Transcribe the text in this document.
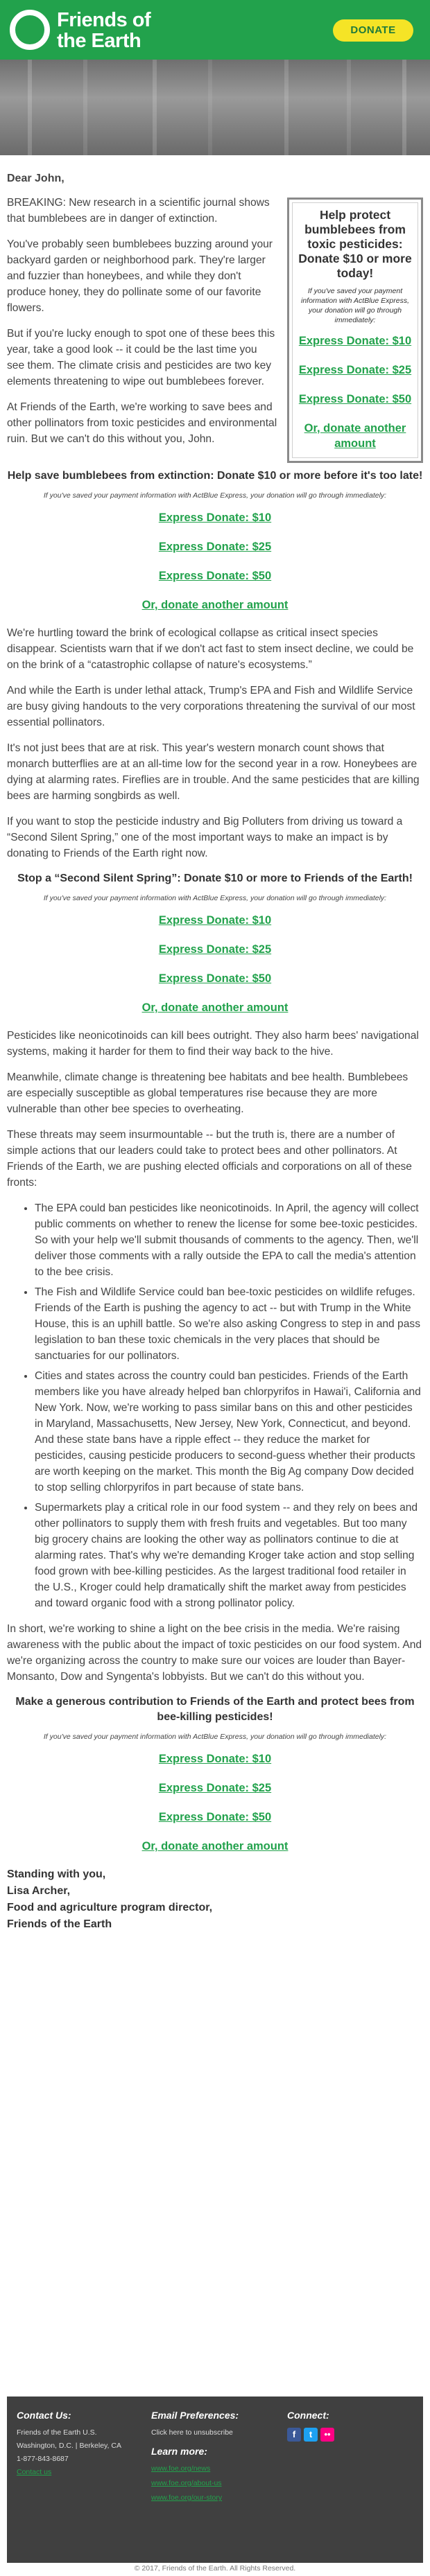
Friends of
the Earth	DONATE

Dear John,

Help protect bumblebees from toxic pesticides: Donate $10 or more today!

If you've saved your payment information with ActBlue Express, your donation will go through immediately:

Express Donate: $10
Express Donate: $25
Express Donate: $50
Or, donate another amount

BREAKING: New research in a scientific journal shows that bumblebees are in danger of extinction.

You've probably seen bumblebees buzzing around your backyard garden or neighborhood park. They're larger and fuzzier than honeybees, and while they don't produce honey, they do pollinate some of our favorite flowers.

But if you're lucky enough to spot one of these bees this year, take a good look -- it could be the last time you see them. The climate crisis and pesticides are two key elements threatening to wipe out bumblebees forever.

At Friends of the Earth, we're working to save bees and other pollinators from toxic pesticides and environmental ruin. But we can't do this without you, John.

Help save bumblebees from extinction: Donate $10 or more before it's too late!
If you've saved your payment information with ActBlue Express, your donation will go through immediately:
Express Donate: $10
Express Donate: $25
Express Donate: $50
Or, donate another amount

We're hurtling toward the brink of ecological collapse as critical insect species disappear. Scientists warn that if we don't act fast to stem insect decline, we could be on the brink of a “catastrophic collapse of nature's ecosystems.”

And while the Earth is under lethal attack, Trump's EPA and Fish and Wildlife Service are busy giving handouts to the very corporations threatening the survival of our most essential pollinators.

It's not just bees that are at risk. This year's western monarch count shows that monarch butterflies are at an all-time low for the second year in a row. Honeybees are dying at alarming rates. Fireflies are in trouble. And the same pesticides that are killing bees are harming songbirds as well.

If you want to stop the pesticide industry and Big Polluters from driving us toward a “Second Silent Spring,” one of the most important ways to make an impact is by donating to Friends of the Earth right now.

Stop a “Second Silent Spring”: Donate $10 or more to Friends of the Earth!
If you've saved your payment information with ActBlue Express, your donation will go through immediately:
Express Donate: $10
Express Donate: $25
Express Donate: $50
Or, donate another amount

Pesticides like neonicotinoids can kill bees outright. They also harm bees' navigational systems, making it harder for them to find their way back to the hive.

Meanwhile, climate change is threatening bee habitats and bee health. Bumblebees are especially susceptible as global temperatures rise because they are more vulnerable than other bee species to overheating.

These threats may seem insurmountable -- but the truth is, there are a number of simple actions that our leaders could take to protect bees and other pollinators. At Friends of the Earth, we are pushing elected officials and corporations on all of these fronts:

• The EPA could ban pesticides like neonicotinoids. In April, the agency will collect public comments on whether to renew the license for some bee-toxic pesticides. So with your help we'll submit thousands of comments to the agency. Then, we'll deliver those comments with a rally outside the EPA to call the media's attention to the bee crisis.
• The Fish and Wildlife Service could ban bee-toxic pesticides on wildlife refuges. Friends of the Earth is pushing the agency to act -- but with Trump in the White House, this is an uphill battle. So we're also asking Congress to step in and pass legislation to ban these toxic chemicals in the very places that should be sanctuaries for our pollinators.
• Cities and states across the country could ban pesticides. Friends of the Earth members like you have already helped ban chlorpyrifos in Hawai'i, California and New York. Now, we're working to pass similar bans on this and other pesticides in Maryland, Massachusetts, New Jersey, New York, Connecticut, and beyond. And these state bans have a ripple effect -- they reduce the market for pesticides, causing pesticide producers to second-guess whether their products are worth keeping on the market. This month the Big Ag company Dow decided to stop selling chlorpyrifos in part because of state bans.
• Supermarkets play a critical role in our food system -- and they rely on bees and other pollinators to supply them with fresh fruits and vegetables. But too many big grocery chains are looking the other way as pollinators continue to die at alarming rates. That's why we're demanding Kroger take action and stop selling food grown with bee-killing pesticides. As the largest traditional food retailer in the U.S., Kroger could help dramatically shift the market away from pesticides and toward organic food with a strong pollinator policy.

In short, we're working to shine a light on the bee crisis in the media. We're raising awareness with the public about the impact of toxic pesticides on our food system. And we're organizing across the country to make sure our voices are louder than Bayer-Monsanto, Dow and Syngenta's lobbyists. But we can't do this without you.

Make a generous contribution to Friends of the Earth and protect bees from bee-killing pesticides!
If you've saved your payment information with ActBlue Express, your donation will go through immediately:
Express Donate: $10
Express Donate: $25
Express Donate: $50
Or, donate another amount
Standing with you,
Lisa Archer,
Food and agriculture program director,
Friends of the Earth
Contact Us:
Friends of the Earth U.S.
Washington, D.C. | Berkeley, CA
1-877-843-8687
Contact us
Email Preferences:
Click here to unsubscribe
Learn more:
www.foe.org/news
www.foe.org/about-us
www.foe.org/our-story
Connect:
f t ••
© 2017, Friends of the Earth. All Rights Reserved.
